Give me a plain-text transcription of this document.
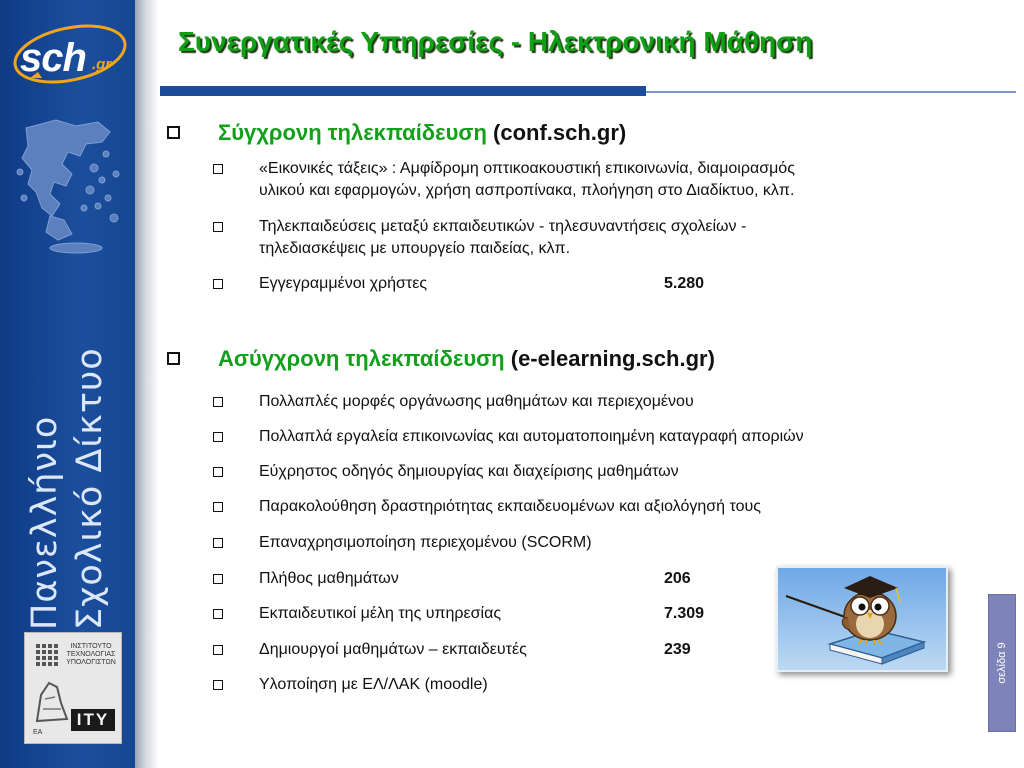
sch .gr
Πανελλήνιο Σχολικό Δίκτυο
ΙΝΣΤΙΤΟΥΤΟ
ΤΕΧΝΟΛΟΓΙΑΣ
ΥΠΟΛΟΓΙΣΤΩΝ
ITY
ΕΑ
Συνεργατικές Υπηρεσίες - Ηλεκτρονική Μάθηση
Σύγχρονη τηλεκπαίδευση (conf.sch.gr)
«Εικονικές τάξεις» : Αμφίδρομη οπτικοακουστική επικοινωνία, διαμοιρασμός
υλικού και εφαρμογών, χρήση ασπροπίνακα, πλοήγηση στο Διαδίκτυο, κλπ.
Τηλεκπαιδεύσεις μεταξύ εκπαιδευτικών - τηλεσυναντήσεις σχολείων -
τηλεδιασκέψεις με υπουργείο παιδείας, κλπ.
Εγγεγραμμένοι χρήστες	5.280
Ασύγχρονη τηλεκπαίδευση (e-elearning.sch.gr)
Πολλαπλές μορφές οργάνωσης μαθημάτων και περιεχομένου
Πολλαπλά εργαλεία επικοινωνίας και αυτοματοποιημένη καταγραφή αποριών
Εύχρηστος οδηγός δημιουργίας και διαχείρισης μαθημάτων
Παρακολούθηση δραστηριότητας εκπαιδευομένων και αξιολόγησή τους
Επαναχρησιμοποίηση περιεχομένου (SCORM)
Πλήθος μαθημάτων	206
Εκπαιδευτικοί μέλη της υπηρεσίας	7.309
Δημιουργοί μαθημάτων – εκπαιδευτές	239
Υλοποίηση με ΕΛ/ΛΑΚ (moodle)
σελίδα 9
